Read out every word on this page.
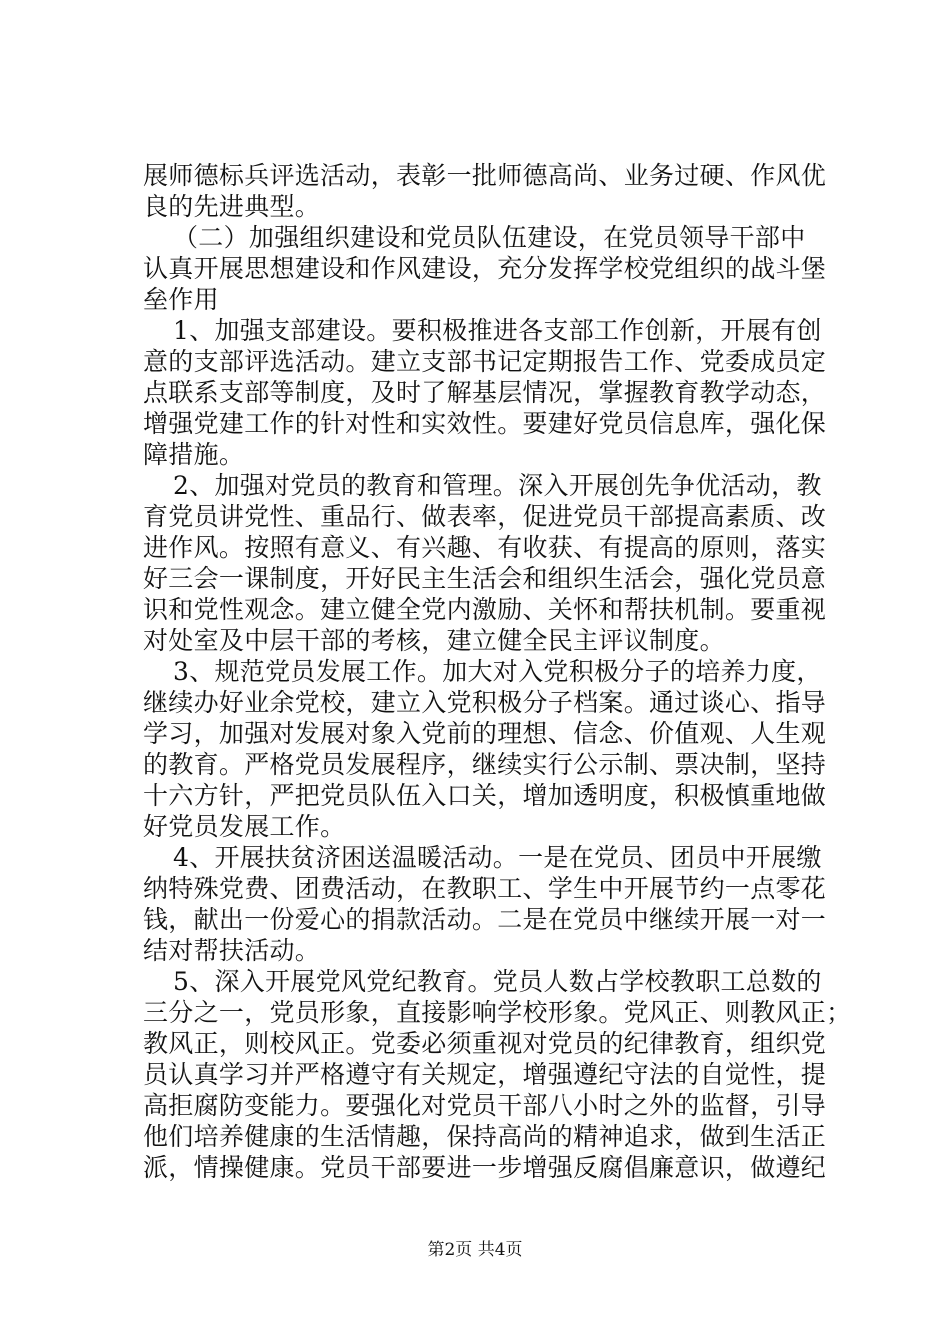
展师德标兵评选活动，表彰一批师德高尚、业务过硬、作风优
良的先进典型。
（二）加强组织建设和党员队伍建设，在党员领导干部中
认真开展思想建设和作风建设，充分发挥学校党组织的战斗堡
垒作用
1、加强支部建设。要积极推进各支部工作创新，开展有创
意的支部评选活动。建立支部书记定期报告工作、党委成员定
点联系支部等制度，及时了解基层情况，掌握教育教学动态，
增强党建工作的针对性和实效性。要建好党员信息库，强化保
障措施。
2、加强对党员的教育和管理。深入开展创先争优活动，教
育党员讲党性、重品行、做表率，促进党员干部提高素质、改
进作风。按照有意义、有兴趣、有收获、有提高的原则，落实
好三会一课制度，开好民主生活会和组织生活会，强化党员意
识和党性观念。建立健全党内激励、关怀和帮扶机制。要重视
对处室及中层干部的考核，建立健全民主评议制度。
3、规范党员发展工作。加大对入党积极分子的培养力度，
继续办好业余党校，建立入党积极分子档案。通过谈心、指导
学习，加强对发展对象入党前的理想、信念、价值观、人生观
的教育。严格党员发展程序，继续实行公示制、票决制，坚持
十六方针，严把党员队伍入口关，增加透明度，积极慎重地做
好党员发展工作。
4、开展扶贫济困送温暖活动。一是在党员、团员中开展缴
纳特殊党费、团费活动，在教职工、学生中开展节约一点零花
钱，献出一份爱心的捐款活动。二是在党员中继续开展一对一
结对帮扶活动。
5、深入开展党风党纪教育。党员人数占学校教职工总数的
三分之一，党员形象，直接影响学校形象。党风正、则教风正；
教风正，则校风正。党委必须重视对党员的纪律教育，组织党
员认真学习并严格遵守有关规定，增强遵纪守法的自觉性，提
高拒腐防变能力。要强化对党员干部八小时之外的监督，引导
他们培养健康的生活情趣，保持高尚的精神追求，做到生活正
派，情操健康。党员干部要进一步增强反腐倡廉意识，做遵纪
第2页 共4页
